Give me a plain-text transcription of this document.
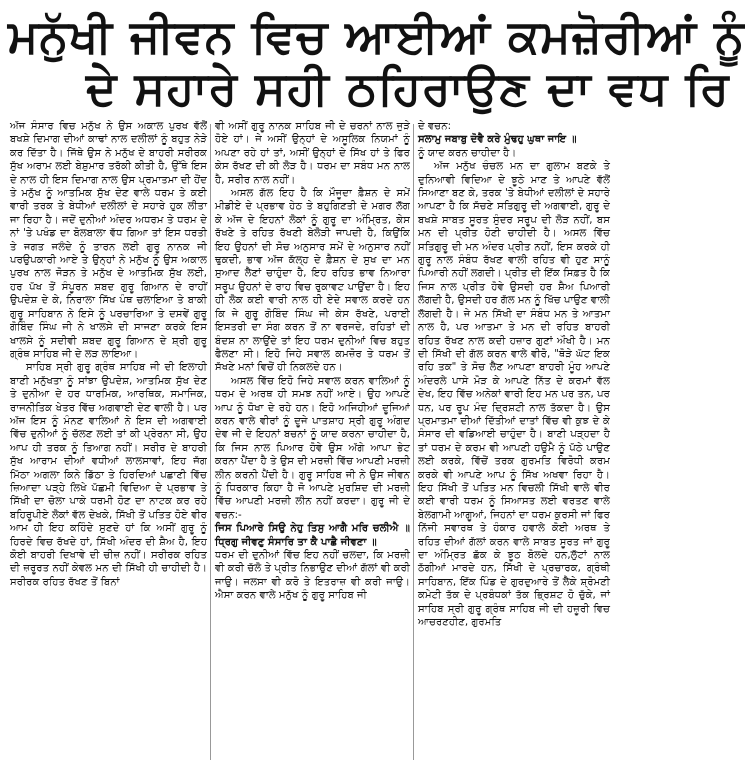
ਮਨੁੱਖੀ ਜੀਵਨ ਵਿਚ ਆਈਆਂ ਕਮਜ਼ੋਰੀਆਂ ਨੂੰ
ਦੇ ਸਹਾਰੇ ਸਹੀ ਠਹਿਰਾਉਣ ਦਾ ਵਧ ਰਿ

ਅੱਜ ਸੰਸਾਰ ਵਿਚ ਮਨੁੱਖ ਨੇ ਉਸ ਅਕਾਲ ਪੁਰਖ ਵੱਲੋਂ ਬਖਸ਼ੇ ਦਿਮਾਗ ਦੀਆਂ ਕਾਢਾਂ ਨਾਲ ਦਲੀਲਾਂ ਨੂੰ ਬਹੁਤ ਨੇੜੇ ਕਰ ਦਿੱਤਾ ਹੈ। ਜਿੱਥੇ ਉਸ ਨੇ ਮਨੁੱਖ ਦੇ ਬਾਹਰੀ ਸਰੀਰਕ ਸੁੱਖ ਅਰਾਮ ਲਈ ਬੇਸ਼ੁਮਾਰ ਤਰੱਕੀ ਕੀਤੀ ਹੈ, ਉੱਥੇ ਇਸ ਦੇ ਨਾਲ ਹੀ ਇਸ ਦਿਮਾਗ ਨਾਲ ਉਸ ਪ੍ਰਮਾਤਮਾ ਦੀ ਹੋਂਦ ਤੇ ਮਨੁੱਖ ਨੂੰ ਆਤਮਿਕ ਸੁੱਖ ਦੇਣ ਵਾਲੇ ਧਰਮ ਤੇ ਕਈ ਵਾਰੀ ਤਰਕ ਤੇ ਬੇਧੀਆਂ ਦਲੀਲਾਂ ਦੇ ਸਹਾਰੇ ਹੁਕ ਲੀਤਾ ਜਾ ਰਿਹਾ ਹੈ। ਜਦੋਂ ਦੁਨੀਆਂ ਅੰਦਰ ਅਧਰਮ ਤੇ ਧਰਮ ਦੇ ਨਾਂ 'ਤੇ ਪਖੰਡ ਦਾ ਬੋਲਬਾਲਾ ਵੱਧ ਗਿਆ ਤਾਂ ਇਸ ਧਰਤੀ ਤੇ ਜਗਤ ਜਲੰਦੇ ਨੂੰ ਤਾਰਨ ਲਈ ਗੁਰੂ ਨਾਨਕ ਜੀ ਪਰਉਪਕਾਰੀ ਆਏ ਤੇ ਉਨ੍ਹਾਂ ਨੇ ਮਨੁੱਖ ਨੂੰ ਉਸ ਅਕਾਲ ਪੁਰਖ ਨਾਲ ਜੋੜਨ ਤੇ ਮਨੁੱਖ ਦੇ ਆਤਮਿਕ ਸੁੱਖ ਲਈ, ਹਰ ਪੱਖ ਤੋਂ ਸੰਪੂਰਨ ਸ਼ਬਦ ਗੁਰੂ ਗਿਆਨ ਦੇ ਰਾਹੀਂ ਉਪਦੇਸ਼ ਦੇ ਕੇ, ਨਿਰਾਲਾ ਸਿੱਖ ਪੰਥ ਚਲਾਇਆ ਤੇ ਬਾਕੀ ਗੁਰੂ ਸਾਹਿਬਾਨ ਨੇ ਇਸੇ ਨੂੰ ਪਰਚਾਰਿਆ ਤੇ ਦਸਵੇਂ ਗੁਰੂ ਗੋਬਿੰਦ ਸਿੰਘ ਜੀ ਨੇ ਖਾਲਸੇ ਦੀ ਸਾਜਣਾ ਕਰਕੇ ਇਸ ਖਾਲਸੇ ਨੂੰ ਸਦੀਵੀ ਸ਼ਬਦ ਗੁਰੂ ਗਿਆਨ ਦੇ ਸ਼੍ਰੀ ਗੁਰੂ ਗ੍ਰੰਥ ਸਾਹਿਬ ਜੀ ਦੇ ਲੜ ਲਾਇਆ।

ਸਾਹਿਬ ਸ੍ਰੀ ਗੁਰੂ ਗ੍ਰੰਥ ਸਾਹਿਬ ਜੀ ਦੀ ਇਲਾਹੀ ਬਾਣੀ ਮਨੁੱਖਤਾ ਨੂੰ ਸਾਂਝਾ ਉਪਦੇਸ਼, ਆਤਮਿਕ ਸੁੱਖ ਦੇਣ ਤੇ ਦੁਨੀਆ ਦੇ ਹਰ ਧਾਰਮਿਕ, ਆਰਥਿਕ, ਸਮਾਜਿਕ, ਰਾਜਨੀਤਿਕ ਖੇਤਰ ਵਿੱਚ ਅਗਵਾਈ ਦੇਣ ਵਾਲੀ ਹੈ। ਪਰ ਅੱਜ ਇਸ ਨੂੰ ਮੰਨਣ ਵਾਲਿਆਂ ਨੇ ਇਸ ਦੀ ਅਗਵਾਈ ਵਿੱਚ ਦੁਨੀਆਂ ਨੂੰ ਚੱਲਣ ਲਈ ਤਾਂ ਕੀ ਪ੍ਰੇਰਨਾ ਸੀ, ਉਹ ਆਪ ਹੀ ਤਰਕ ਨੂੰ ਤਿਆਗ ਨਹੀਂ। ਸਰੀਰ ਦੇ ਬਾਹਰੀ ਸੁੱਖ ਆਰਾਮ ਦੀਆਂ ਵਧੀਆਂ ਲਾਲਸਾਵਾਂ, ਇਹ ਜੱਗ ਮਿੱਠਾ ਅਗਲਾ ਕਿਨੇ ਡਿੱਠਾ ਤੇ ਹਿਰਦਿਆਂ ਪਛਾਣੀ ਵਿੱਚ ਜ਼ਿਆਦਾ ਪੜ੍ਹੇ ਲਿਖੇ ਪੱਛਮੀ ਵਿਦਿਆ ਦੇ ਪ੍ਰਭਾਵ ਤੇ ਸਿੱਖੀ ਦਾ ਚੋਲਾ ਪਾਕੇ ਧਰਮੀ ਹੋਣ ਦਾ ਨਾਟਕ ਕਰ ਰਹੇ ਬਹਿਰੂਪੀਏ ਲੋਕਾਂ ਵੱਲ ਦੇਖਕੇ, ਸਿੱਖੀ ਤੋਂ ਪਤਿਤ ਹੋਏ ਵੀਰ ਆਮ ਹੀ ਇਹ ਕਹਿੰਦੇ ਸੁਣਦੇ ਹਾਂ ਕਿ ਅਸੀਂ ਗੁਰੂ ਨੂੰ ਹਿਰਦੇ ਵਿਚ ਰੱਖਦੇ ਹਾਂ, ਸਿੱਖੀ ਅੰਦਰ ਦੀ ਸ਼ੈਅ ਹੈ, ਇਹ ਕੋਈ ਬਾਹਰੀ ਦਿਖਾਵੇ ਦੀ ਚੀਜ਼ ਨਹੀਂ। ਸਰੀਰਕ ਰਹਿਤ ਦੀ ਜ਼ਰੂਰਤ ਨਹੀਂ ਕੇਵਲ ਮਨ ਦੀ ਸਿੱਖੀ ਹੀ ਚਾਹੀਦੀ ਹੈ। ਸਰੀਰਕ ਰਹਿਤ ਰੱਖਣ ਤੋਂ ਬਿਨਾਂ

ਵੀ ਅਸੀਂ ਗੁਰੂ ਨਾਨਕ ਸਾਹਿਬ ਜੀ ਦੇ ਚਰਨਾਂ ਨਾਲ ਜੁੜੇ ਹੋਏ ਹਾਂ। ਜੇ ਅਸੀਂ ਉਨ੍ਹਾਂ ਦੇ ਅਸੂਲਿਕ ਨਿਯਮਾਂ ਨੂੰ ਅਪਣਾ ਰਹੇ ਹਾਂ ਤਾਂ, ਅਸੀਂ ਉਨ੍ਹਾਂ ਦੇ ਸਿੱਖ ਹਾਂ ਤੇ ਫਿਰ ਕੇਸ ਰੱਖਣ ਦੀ ਕੀ ਲੋੜ ਹੈ। ਧਰਮ ਦਾ ਸਬੰਧ ਮਨ ਨਾਲ ਹੈ, ਸਰੀਰ ਨਾਲ ਨਹੀਂ।

ਅਸਲ ਗੱਲ ਇਹ ਹੈ ਕਿ ਮੌਜੂਦਾ ਫ਼ੈਸ਼ਨ ਦੇ ਸਮੇਂ ਮੀਡੀਏ ਦੇ ਪ੍ਰਭਾਵ ਹੇਠ ਤੇ ਬਹੁਗਿਣਤੀ ਦੇ ਮਗਰ ਲੱਗ ਕੇ ਅੱਜ ਦੇ ਇਹਨਾਂ ਲੋਕਾਂ ਨੂੰ ਗੁਰੂ ਦਾ ਅੰਮ੍ਰਿਤ, ਕੇਸ ਰੱਖਣੇ ਤੇ ਰਹਿਤ ਰੱਖਣੀ ਬੇਲੋੜੀ ਜਾਪਦੀ ਹੈ, ਕਿਉਂਕਿ ਇਹ ਉਹਨਾਂ ਦੀ ਸੋਚ ਅਨੁਸਾਰ ਸਮੇਂ ਦੇ ਅਨੁਸਾਰ ਨਹੀਂ ਢੁਕਦੀ, ਭਾਵ ਅੱਜ ਕੱਲ੍ਹ ਦੇ ਫ਼ੈਸ਼ਨ ਦੇ ਸੁਖ ਦਾ ਮਨ ਸੁਆਦ ਲੈਣਾਂ ਚਾਹੁੰਦਾ ਹੈ, ਇਹ ਰਹਿਤ ਭਾਵ ਨਿਆਰਾ ਸਰੂਪ ਉਹਨਾਂ ਦੇ ਰਾਹ ਵਿਚ ਰੁਕਾਵਟ ਪਾਉਂਦਾ ਹੈ। ਇਹ ਹੀ ਲੋਕ ਕਈ ਵਾਰੀ ਨਾਲ ਹੀ ਏਦੇ ਸਵਾਲ ਕਰਦੇ ਹਨ ਕਿ ਜੇ ਗੁਰੂ ਗੋਬਿੰਦ ਸਿੰਘ ਜੀ ਕੇਸ ਰੱਖਣੇ, ਪਰਾਈ ਇਸਤਰੀ ਦਾ ਸੰਗ ਕਰਨ ਤੋਂ ਨਾ ਵਰਜਦੇ, ਰਹਿਤਾਂ ਦੀ ਬੰਦਸ਼ ਨਾ ਲਾਉਂਦੇ ਤਾਂ ਇਹ ਧਰਮ ਦੁਨੀਆਂ ਵਿਚ ਬਹੁਤ ਫੈਲਣਾ ਸੀ। ਇਹੋ ਜਿਹੇ ਸਵਾਲ ਕਮਜ਼ੋਰ ਤੇ ਧਰਮ ਤੋਂ ਸੱਖਣੇ ਮਨਾਂ ਵਿਚੋਂ ਹੀ ਨਿਕਲਦੇ ਹਨ।

ਅਸਲ ਵਿੱਚ ਇਹੋ ਜਿਹੇ ਸਵਾਲ ਕਰਨ ਵਾਲਿਆਂ ਨੂੰ ਧਰਮ ਦੇ ਅਰਥ ਹੀ ਸਮਝ ਨਹੀਂ ਆਏ। ਉਹ ਆਪਣੇ ਆਪ ਨੂੰ ਧੋਖਾ ਦੇ ਰਹੇ ਹਨ। ਇਹੋ ਅਜਿਹੀਆਂ ਦੂਜਿਆਂ ਕਰਨ ਵਾਲੇ ਵੀਰਾਂ ਨੂੰ ਦੂਜੇ ਪਾਤਸ਼ਾਹ ਸ੍ਰੀ ਗੁਰੂ ਅੰਗਦ ਦੇਵ ਜੀ ਦੇ ਇਹਨਾਂ ਬਚਨਾਂ ਨੂੰ ਯਾਦ ਕਰਨਾ ਚਾਹੀਦਾ ਹੈ, ਕਿ ਜਿਸ ਨਾਲ ਪਿਆਰ ਹੋਵੇ ਉਸ ਅੱਗੇ ਆਪਾ ਭੇਟ ਕਰਨਾ ਪੈਂਦਾ ਹੈ ਤੇ ਉਸ ਦੀ ਮਰਜ਼ੀ ਵਿੱਚ ਆਪਣੀ ਮਰਜ਼ੀ ਲੀਨ ਕਰਨੀ ਪੈਂਦੀ ਹੈ। ਗੁਰੂ ਸਾਹਿਬ ਜੀ ਨੇ ਉਸ ਜੀਵਨ ਨੂੰ ਧਿਰਕਾਰ ਕਿਹਾ ਹੈ ਜੋ ਆਪਣੇ ਮੁਰਸ਼ਿਦ ਦੀ ਮਰਜ਼ੀ ਵਿੱਚ ਆਪਣੀ ਮਰਜ਼ੀ ਲੀਨ ਨਹੀਂ ਕਰਦਾ। ਗੁਰੂ ਜੀ ਦੇ ਵਚਨ:-

ਜਿਸ ਪਿਆਰੇ ਸਿਉ ਨੇਹੁ ਤਿਸੁ ਆਗੈ ਮਰਿ ਚਲੀਐ ॥ ਧ੍ਰਿਗੁ ਜੀਵਣੁ ਸੰਸਾਰਿ ਤਾ ਕੈ ਪਾਛੈ ਜੀਵਣਾ ॥

ਧਰਮ ਦੀ ਦੁਨੀਆਂ ਵਿੱਚ ਇਹ ਨਹੀਂ ਚਲਦਾ, ਕਿ ਮਰਜ਼ੀ ਵੀ ਕਰੀ ਚੱਲੋ ਤੇ ਪ੍ਰੀਤ ਨਿਭਾਉਣ ਦੀਆਂ ਗੱਲਾਂ ਵੀ ਕਰੀ ਜਾਉ। ਜਲਸਾ ਵੀ ਕਰੋ ਤੇ ਇਤਰਾਜ਼ ਵੀ ਕਰੀ ਜਾਉ। ਐਸਾ ਕਰਨ ਵਾਲੇ ਮਨੁੱਖ ਨੂੰ ਗੁਰੂ ਸਾਹਿਬ ਜੀ

ਦੇ ਵਚਨ:

ਸਲਾਮੁ ਜਬਾਬੁ ਦੋਵੈ ਕਰੇ ਮੁੰਢਹੁ ਘੁਥਾ ਜਾਇ ॥

ਨੂੰ ਯਾਦ ਕਰਨ ਚਾਹੀਦਾ ਹੈ।

ਅੱਜ ਮਨੁੱਖ ਚੰਚਲ ਮਨ ਦਾ ਗੁਲਾਮ ਬਣਕੇ ਤੇ ਦੁਨਿਆਵੀ ਵਿਦਿਆ ਦੇ ਝੂਠੇ ਮਾਣ ਤੇ ਆਪਣੇ ਵੱਲੋਂ ਸਿਆਣਾ ਬਣ ਕੇ, ਤਰਕ 'ਤੇ ਬੇਧੀਆਂ ਦਲੀਲਾਂ ਦੇ ਸਹਾਰੇ ਆਪਣਾ ਹੈ ਕਿ ਸੱਚਣੇ ਸਤਿਗੁਰੂ ਦੀ ਅਗਵਾਈ, ਗੁਰੂ ਦੇ ਬਖਸ਼ੇ ਸਾਬਤ ਸੂਰਤ ਸੁੰਦਰ ਸਰੂਪ ਦੀ ਲੋੜ ਨਹੀਂ, ਬਸ ਮਨ ਦੀ ਪ੍ਰੀਤ ਹੋਣੀ ਚਾਹੀਦੀ ਹੈ। ਅਸਲ ਵਿੱਚ ਸਤਿਗੁਰੂ ਦੀ ਮਨ ਅੰਦਰ ਪ੍ਰੀਤ ਨਹੀਂ, ਇਸ ਕਰਕੇ ਹੀ ਗੁਰੂ ਨਾਲ ਸੰਬੰਧ ਰੱਖਣ ਵਾਲੀ ਰਹਿਤ ਵੀ ਹੁਣ ਸਾਨੂੰ ਪਿਆਰੀ ਨਹੀਂ ਲਗਦੀ। ਪ੍ਰੀਤ ਦੀ ਇੱਕ ਸਿਫ਼ਤ ਹੈ ਕਿ ਜਿਸ ਨਾਲ ਪ੍ਰੀਤ ਹੋਵੇ ਉਸਦੀ ਹਰ ਸ਼ੈਅ ਪਿਆਰੀ ਲੱਗਦੀ ਹੈ, ਉਸਦੀ ਹਰ ਗੱਲ ਮਨ ਨੂੰ ਖਿੱਚ ਪਾਉਣ ਵਾਲੀ ਲੱਗਦੀ ਹੈ। ਜੇ ਮਨ ਸਿੱਖੀ ਦਾ ਸੰਬੰਧ ਮਨ ਤੇ ਆਤਮਾ ਨਾਲ ਹੈ, ਪਰ ਆਤਮਾ ਤੇ ਮਨ ਦੀ ਰਹਿਤ ਬਾਹਰੀ ਰਹਿਤ ਰੱਖਣ ਨਾਲ ਕਦੀ ਹਜ਼ਾਰ ਗੁਣਾਂ ਔਖੀ ਹੈ। ਮਨ ਦੀ ਸਿੱਖੀ ਦੀ ਗੱਲ ਕਰਨ ਵਾਲੇ ਵੀਰੋ, "ਥੋੜੇ ਘੱਟ ਇਕ ਰਹਿ ਤਕ" ਤੇ ਸੋਚ ਲੈਣ ਆਪਣਾ ਬਾਹਰੀ ਮੂੰਹ ਆਪਣੇ ਅੰਦਰਲੇ ਪਾਸੇ ਮੋੜ ਕੇ ਆਪਣੇ ਨਿੱਤ ਦੇ ਕਰਮਾਂ ਵੱਲ ਦੇਖ, ਇਹ ਵਿੱਚ ਅਨੇਕਾਂ ਵਾਰੀ ਇਹ ਮਨ ਪਰ ਤਨ, ਪਰ ਧਨ, ਪਰ ਰੂਪ ਮੰਦ ਦ੍ਰਿਸ਼ਟੀ ਨਾਲ ਤੱਕਦਾ ਹੈ। ਉਸ ਪ੍ਰਮਾਤਮਾ ਦੀਆਂ ਦਿੱਤੀਆਂ ਦਾਤਾਂ ਵਿੱਚ ਵੀ ਕੁਝ ਦੇ ਕੇ ਸੰਸਾਰ ਦੀ ਵਡਿਆਈ ਚਾਹੁੰਦਾ ਹੈ। ਬਾਣੀ ਪੜ੍ਹਦਾ ਹੈ ਤਾਂ ਧਰਮ ਦੇ ਕਰਮ ਵੀ ਆਪਣੀ ਹਉਮੈ ਨੂੰ ਪੱਠੇ ਪਾਉਣ ਲਈ ਕਰਕੇ, ਵਿੱਚੋਂ ਤਰਕ ਗੁਰਮਤਿ ਵਿਰੋਧੀ ਕਰਮ ਕਰਕੇ ਵੀ ਆਪਣੇ ਆਪ ਨੂੰ ਸਿੱਖ ਅਖਵਾ ਰਿਹਾ ਹੈ। ਇਹ ਸਿੱਖੀ ਤੋਂ ਪਤਿਤ ਮਨ ਵਿਚਲੀ ਸਿੱਖੀ ਵਾਲੇ ਵੀਰ ਕਈ ਵਾਰੀ ਧਰਮ ਨੂੰ ਸਿਆਸਤ ਲਈ ਵਰਤਣ ਵਾਲੇ ਬੇਲਗਾਮੀ ਆਗੂਆਂ, ਜਿਹਨਾਂ ਦਾ ਧਰਮ ਕੁਰਸੀ ਜਾਂ ਫਿਰ ਨਿੱਜੀ ਸਵਾਰਥ ਤੇ ਹੰਕਾਰ ਹਵਾਲੇ ਕੋਈ ਅਰਥ ਤੇ ਰਹਿਤ ਦੀਆਂ ਗੱਲਾਂ ਕਰਨ ਵਾਲੇ ਸਾਬਤ ਸੂਰਤ ਜਾਂ ਗੁਰੂ ਦਾ ਅੰਮ੍ਰਿਤ ਛੱਕ ਕੇ ਝੂਠ ਬੋਲਦੇ ਹਨ,ਲੁੱਟਾਂ ਨਾਲ ਠੱਗੀਆਂ ਮਾਰਦੇ ਹਨ, ਸਿੱਖੀ ਦੇ ਪ੍ਰਚਾਰਕ, ਗ੍ਰੰਥੀ ਸਾਹਿਬਾਨ, ਇੱਕ ਪਿੰਡ ਦੇ ਗੁਰਦੁਆਰੇ ਤੋਂ ਲੈਕੇ ਸ਼੍ਰੋਮਣੀ ਕਮੇਟੀ ਤੱਕ ਦੇ ਪ੍ਰਬੰਧਕਾਂ ਤੱਕ ਭ੍ਰਿਸ਼ਟ ਹੋ ਚੁੱਕੇ, ਜਾਂ ਸਾਹਿਬ ਸ੍ਰੀ ਗੁਰੂ ਗ੍ਰੰਥ ਸਾਹਿਬ ਜੀ ਦੀ ਹਜ਼ੂਰੀ ਵਿਚ ਆਚਰਣਹੀਣ, ਗੁਰਮਤਿ
